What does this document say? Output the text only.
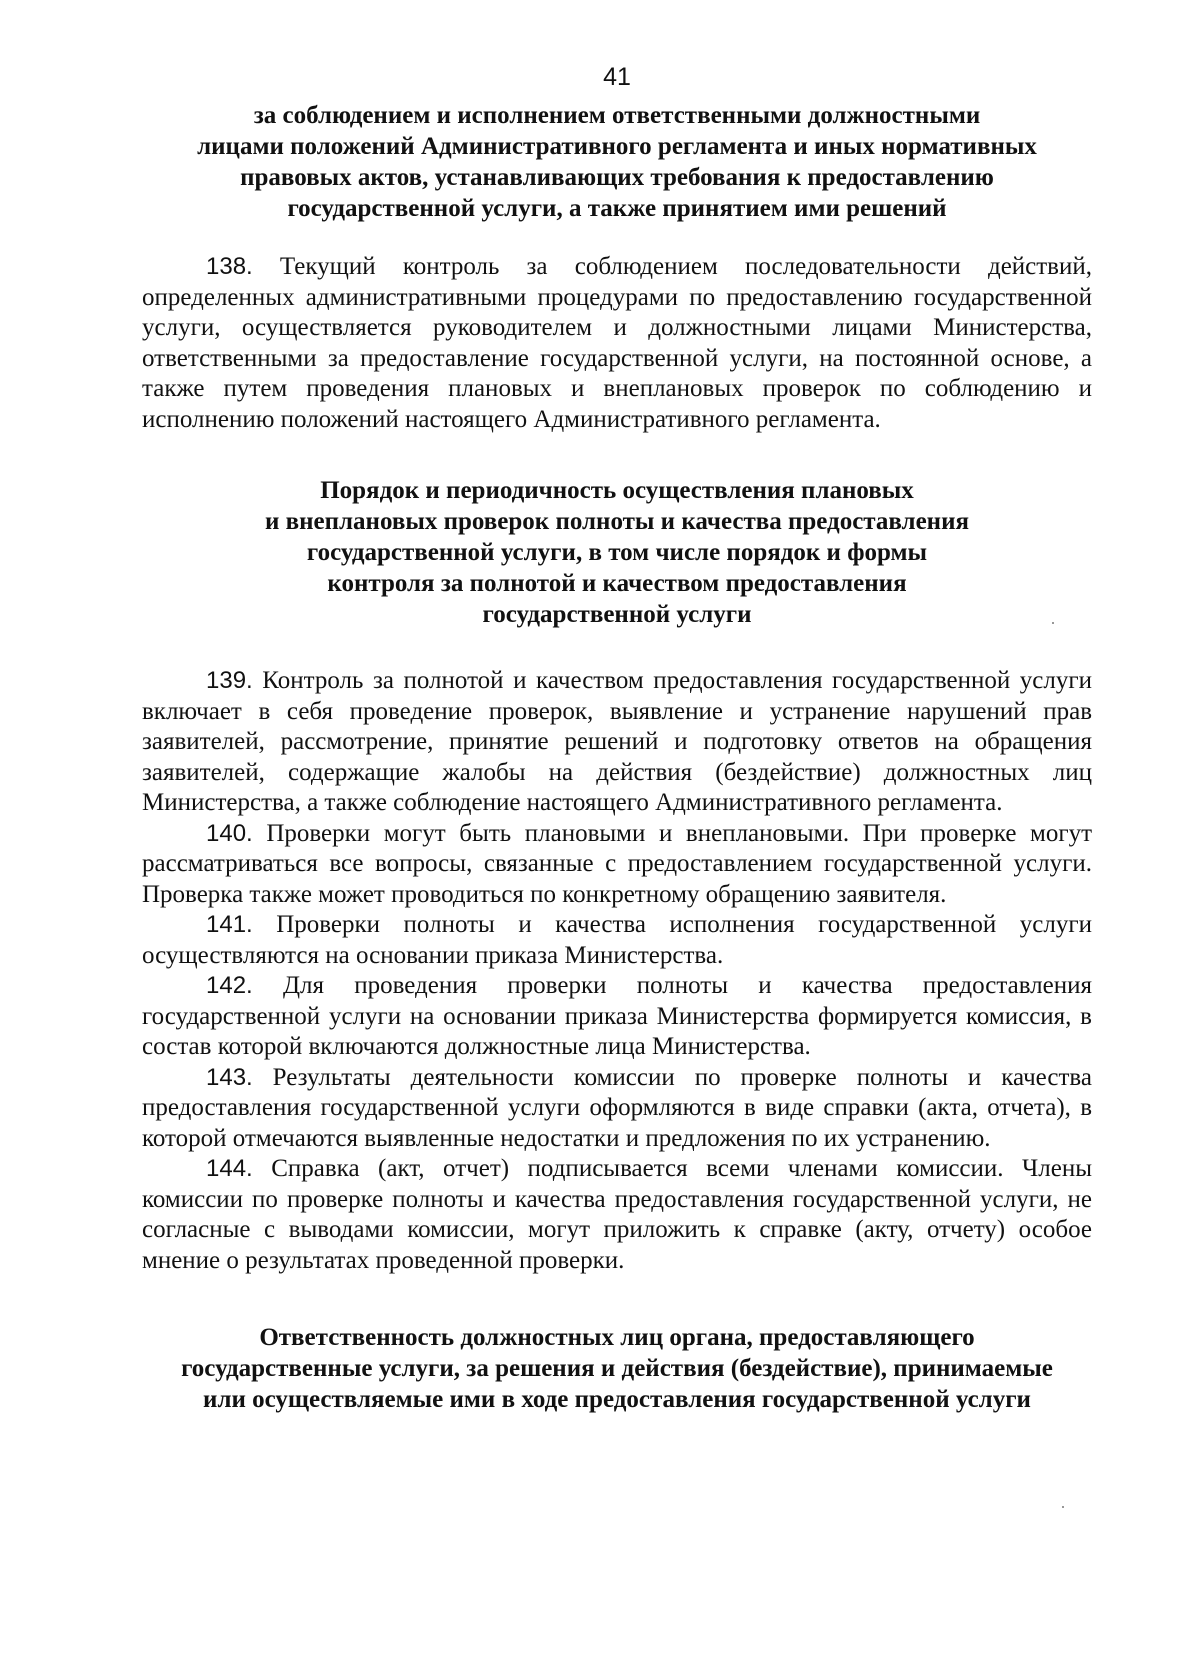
41
за соблюдением и исполнением ответственными должностными
лицами положений Административного регламента и иных нормативных
правовых актов, устанавливающих требования к предоставлению
государственной услуги, а также принятием ими решений

138. Текущий контроль за соблюдением последовательности действий, определенных административными процедурами по предоставлению государственной услуги, осуществляется руководителем и должностными лицами Министерства, ответственными за предоставление государственной услуги, на постоянной основе, а также путем проведения плановых и внеплановых проверок по соблюдению и исполнению положений настоящего Административного регламента.

Порядок и периодичность осуществления плановых
и внеплановых проверок полноты и качества предоставления
государственной услуги, в том числе порядок и формы
контроля за полнотой и качеством предоставления
государственной услуги

139. Контроль за полнотой и качеством предоставления государственной услуги включает в себя проведение проверок, выявление и устранение нарушений прав заявителей, рассмотрение, принятие решений и подготовку ответов на обращения заявителей, содержащие жалобы на действия (бездействие) должностных лиц Министерства, а также соблюдение настоящего Административного регламента.

140. Проверки могут быть плановыми и внеплановыми. При проверке могут рассматриваться все вопросы, связанные с предоставлением государственной услуги. Проверка также может проводиться по конкретному обращению заявителя.

141. Проверки полноты и качества исполнения государственной услуги осуществляются на основании приказа Министерства.

142. Для проведения проверки полноты и качества предоставления государственной услуги на основании приказа Министерства формируется комиссия, в состав которой включаются должностные лица Министерства.

143. Результаты деятельности комиссии по проверке полноты и качества предоставления государственной услуги оформляются в виде справки (акта, отчета), в которой отмечаются выявленные недостатки и предложения по их устранению.

144. Справка (акт, отчет) подписывается всеми членами комиссии. Члены комиссии по проверке полноты и качества предоставления государственной услуги, не согласные с выводами комиссии, могут приложить к справке (акту, отчету) особое мнение о результатах проведенной проверки.

Ответственность должностных лиц органа, предоставляющего
государственные услуги, за решения и действия (бездействие), принимаемые
или осуществляемые ими в ходе предоставления государственной услуги
